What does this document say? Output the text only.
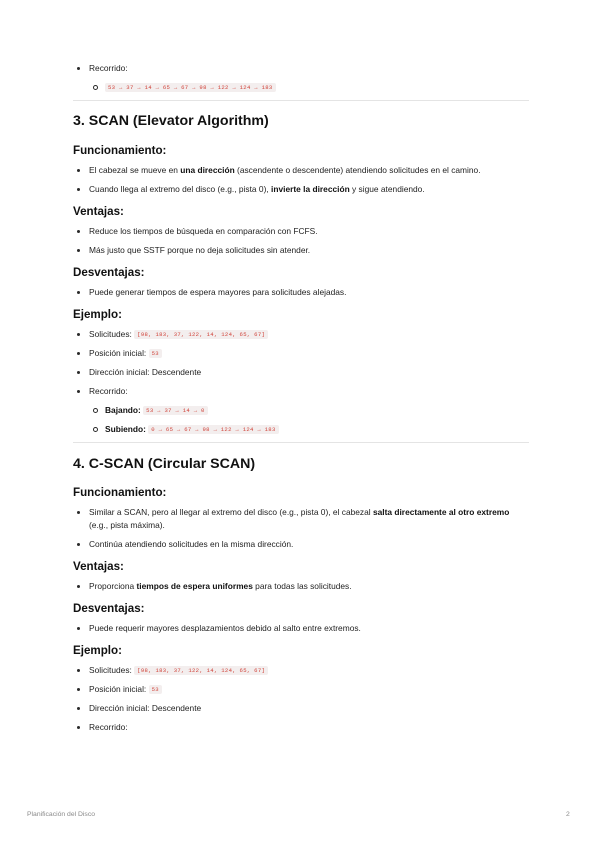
Recorrido:
53 → 37 → 14 → 65 → 67 → 98 → 122 → 124 → 183
3. SCAN (Elevator Algorithm)
Funcionamiento:
El cabezal se mueve en una dirección (ascendente o descendente) atendiendo solicitudes en el camino.
Cuando llega al extremo del disco (e.g., pista 0), invierte la dirección y sigue atendiendo.
Ventajas:
Reduce los tiempos de búsqueda en comparación con FCFS.
Más justo que SSTF porque no deja solicitudes sin atender.
Desventajas:
Puede generar tiempos de espera mayores para solicitudes alejadas.
Ejemplo:
Solicitudes: [98, 183, 37, 122, 14, 124, 65, 67]
Posición inicial: 53
Dirección inicial: Descendente
Recorrido:
Bajando: 53 → 37 → 14 → 0
Subiendo: 0 → 65 → 67 → 98 → 122 → 124 → 183
4. C-SCAN (Circular SCAN)
Funcionamiento:
Similar a SCAN, pero al llegar al extremo del disco (e.g., pista 0), el cabezal salta directamente al otro extremo (e.g., pista máxima).
Continúa atendiendo solicitudes en la misma dirección.
Ventajas:
Proporciona tiempos de espera uniformes para todas las solicitudes.
Desventajas:
Puede requerir mayores desplazamientos debido al salto entre extremos.
Ejemplo:
Solicitudes: [98, 183, 37, 122, 14, 124, 65, 67]
Posición inicial: 53
Dirección inicial: Descendente
Recorrido:
Planificación del Disco	2
